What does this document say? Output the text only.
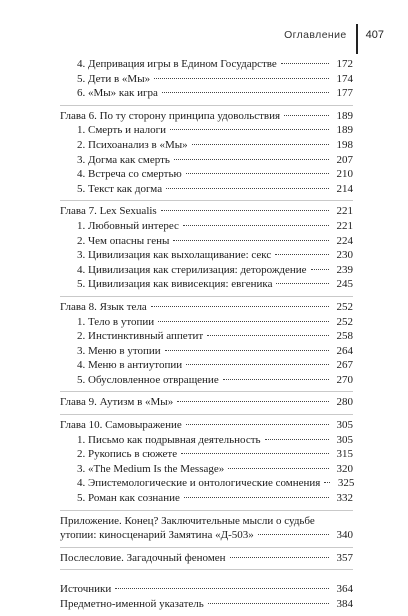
Оглавление	407
4. Депривация игры в Едином Государстве	172
5. Дети в «Мы»	174
6. «Мы» как игра	177
Глава 6. По ту сторону принципа удовольствия	189
1. Смерть и налоги	189
2. Психоанализ в «Мы»	198
3. Догма как смерть	207
4. Встреча со смертью	210
5. Текст как догма	214
Глава 7. Lex Sexualis	221
1. Любовный интерес	221
2. Чем опасны гены	224
3. Цивилизация как выхолащивание: секс	230
4. Цивилизация как стерилизация: деторождение	239
5. Цивилизация как вивисекция: евгеника	245
Глава 8. Язык тела	252
1. Тело в утопии	252
2. Инстинктивный аппетит	258
3. Меню в утопии	264
4. Меню в антиутопии	267
5. Обусловленное отвращение	270
Глава 9. Аутизм в «Мы»	280
Глава 10. Самовыражение	305
1. Письмо как подрывная деятельность	305
2. Рукопись в сюжете	315
3. «The Medium Is the Message»	320
4. Эпистемологические и онтологические сомнения	325
5. Роман как сознание	332
Приложение. Конец? Заключительные мысли о судьбе
утопии: киносценарий Замятина «Д-503»	340
Послесловие. Загадочный феномен	357
Источники	364
Предметно-именной указатель	384
